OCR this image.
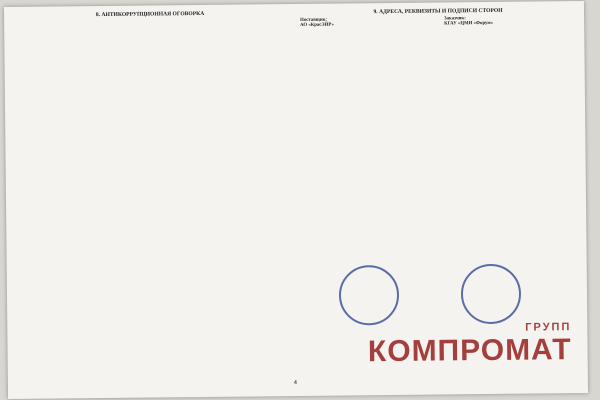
8. АНТИКОРРУПЦИОННАЯ ОГОВОРКА	9. АДРЕСА, РЕКВИЗИТЫ И ПОДПИСИ СТОРОН

Поставщик:
АО «КрасЭЙР»
Заказчик:
КГАУ «ЦМИ «Форум»
4
ГРУПП
КОМПРОМАТ
